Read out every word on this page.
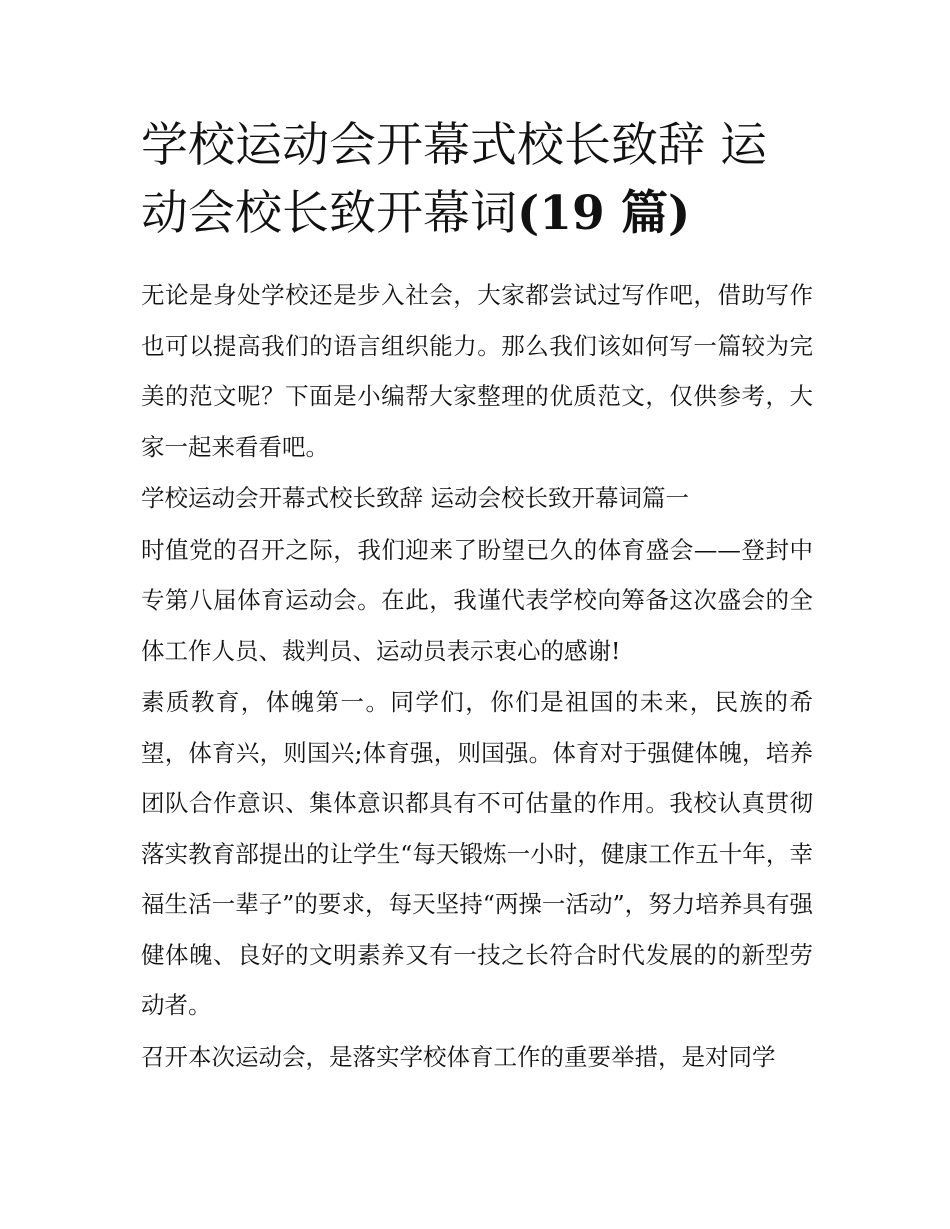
学校运动会开幕式校长致辞 运动会校长致开幕词(19 篇)

无论是身处学校还是步入社会，大家都尝试过写作吧，借助写作也可以提高我们的语言组织能力。那么我们该如何写一篇较为完美的范文呢？下面是小编帮大家整理的优质范文，仅供参考，大家一起来看看吧。

学校运动会开幕式校长致辞 运动会校长致开幕词篇一

时值党的召开之际，我们迎来了盼望已久的体育盛会——登封中专第八届体育运动会。在此，我谨代表学校向筹备这次盛会的全体工作人员、裁判员、运动员表示衷心的感谢!

素质教育，体魄第一。同学们，你们是祖国的未来，民族的希望，体育兴，则国兴;体育强，则国强。体育对于强健体魄，培养团队合作意识、集体意识都具有不可估量的作用。我校认真贯彻落实教育部提出的让学生“每天锻炼一小时，健康工作五十年，幸福生活一辈子”的要求，每天坚持“两操一活动”，努力培养具有强健体魄、良好的文明素养又有一技之长符合时代发展的的新型劳动者。

召开本次运动会，是落实学校体育工作的重要举措，是对同学
